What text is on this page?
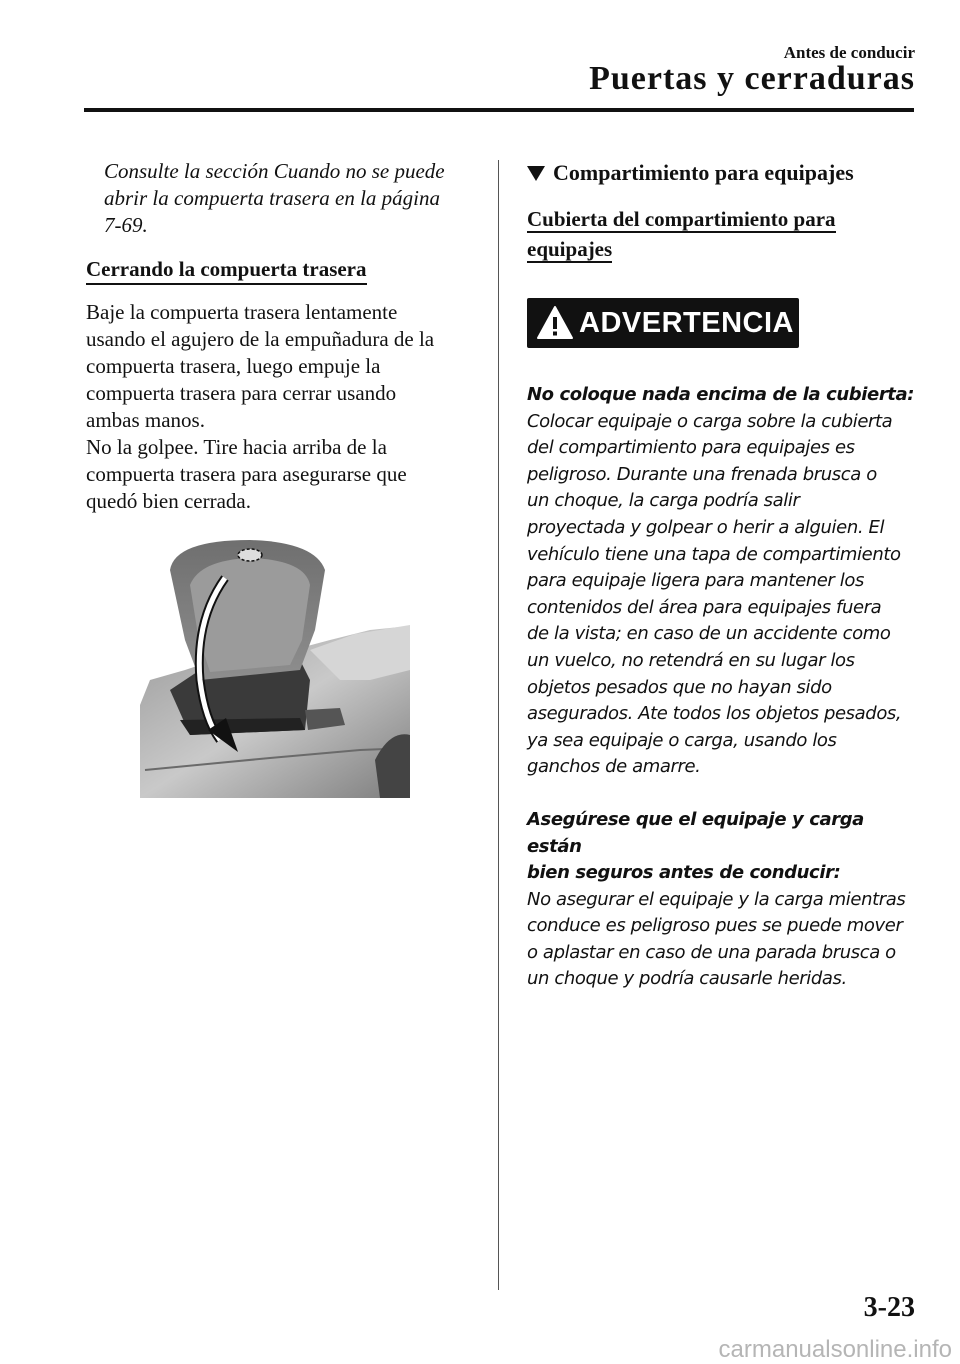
Antes de conducir
Puertas y cerraduras

Consulte la sección Cuando no se puede
abrir la compuerta trasera en la página
7-69.

Cerrando la compuerta trasera

Baje la compuerta trasera lentamente
usando el agujero de la empuñadura de la
compuerta trasera, luego empuje la
compuerta trasera para cerrar usando
ambas manos.
No la golpee. Tire hacia arriba de la
compuerta trasera para asegurarse que
quedó bien cerrada.

Compartimiento para equipajes
Cubierta del compartimiento para equipajes
ADVERTENCIA
No coloque nada encima de la cubierta:
Colocar equipaje o carga sobre la cubierta
del compartimiento para equipajes es
peligroso. Durante una frenada brusca o
un choque, la carga podría salir
proyectada y golpear o herir a alguien. El
vehículo tiene una tapa de compartimiento
para equipaje ligera para mantener los
contenidos del área para equipajes fuera
de la vista; en caso de un accidente como
un vuelco, no retendrá en su lugar los
objetos pesados que no hayan sido
asegurados. Ate todos los objetos pesados,
ya sea equipaje o carga, usando los
ganchos de amarre.
Asegúrese que el equipaje y carga están
bien seguros antes de conducir:
No asegurar el equipaje y la carga mientras
conduce es peligroso pues se puede mover
o aplastar en caso de una parada brusca o
un choque y podría causarle heridas.
3-23
carmanualsonline.info
